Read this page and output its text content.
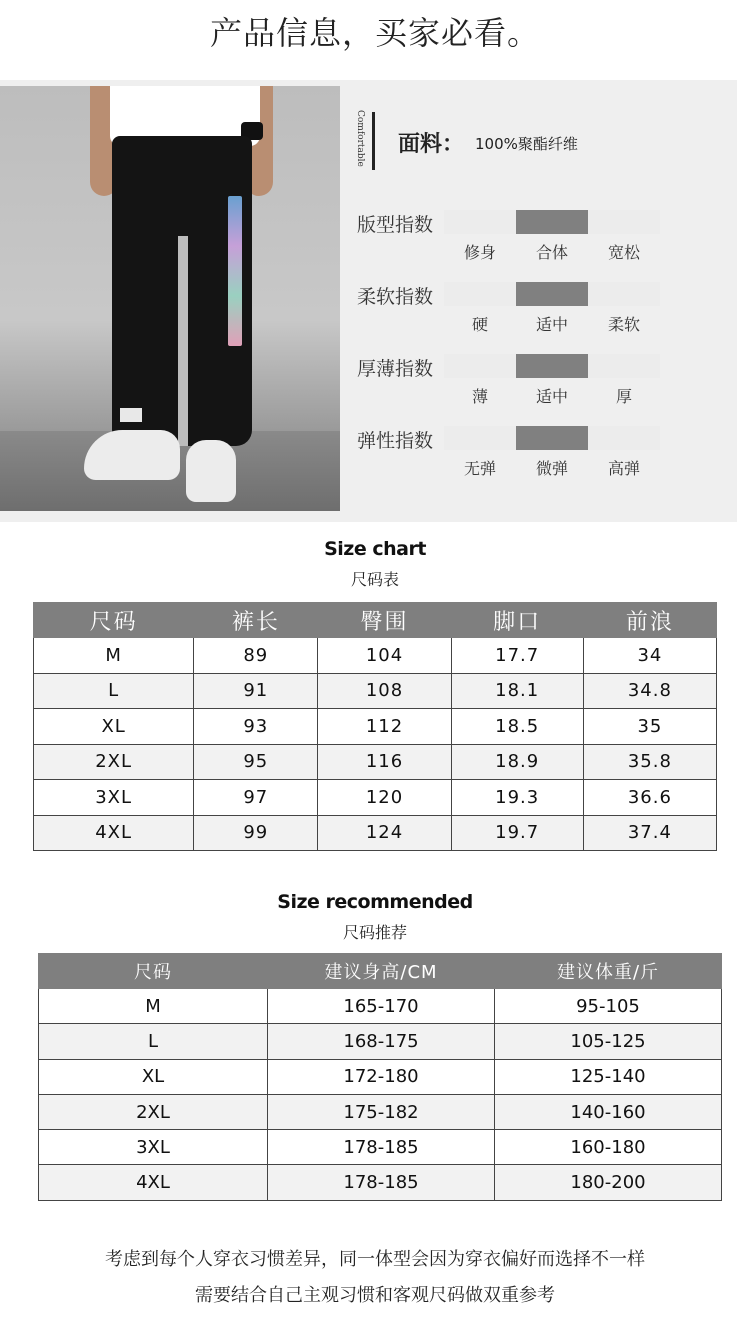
产品信息，买家必看。
Comfortable 面料： 100%聚酯纤维
版型指数
修身	合体	宽松
柔软指数
硬	适中	柔软
厚薄指数
薄	适中	厚
弹性指数
无弹	微弹	高弹
Size chart
尺码表
尺码	裤长	臀围	脚口	前浪
M	89	104	17.7	34
L	91	108	18.1	34.8
XL	93	112	18.5	35
2XL	95	116	18.9	35.8
3XL	97	120	19.3	36.6
4XL	99	124	19.7	37.4
Size recommended
尺码推荐
尺码	建议身高/CM	建议体重/斤
M	165-170	95-105
L	168-175	105-125
XL	172-180	125-140
2XL	175-182	140-160
3XL	178-185	160-180
4XL	178-185	180-200
考虑到每个人穿衣习惯差异，同一体型会因为穿衣偏好而选择不一样
需要结合自己主观习惯和客观尺码做双重参考
